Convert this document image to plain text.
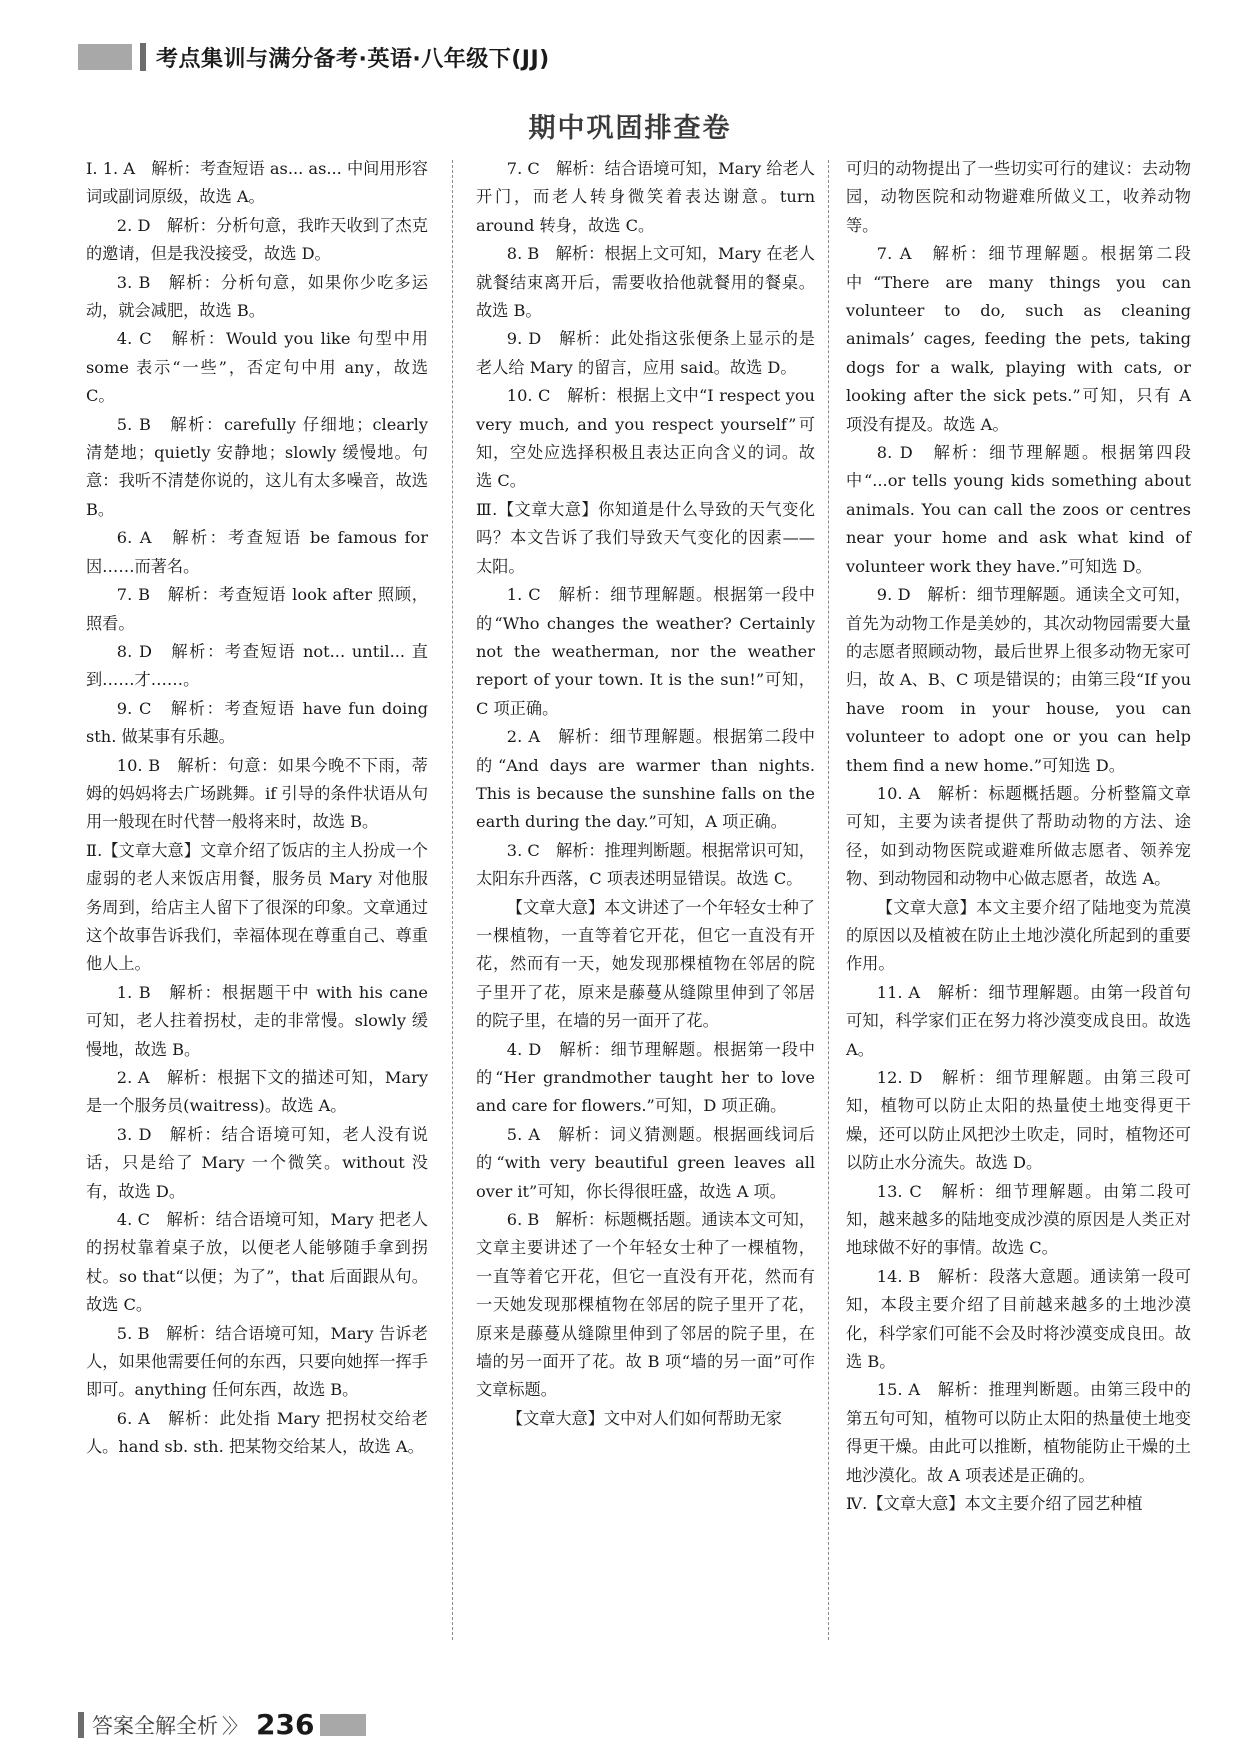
考点集训与满分备考·英语·八年级下(JJ)
期中巩固排查卷

Ⅰ. 1. A　解析：考查短语 as... as... 中间用形容词或副词原级，故选 A。

2. D　解析：分析句意，我昨天收到了杰克的邀请，但是我没接受，故选 D。

3. B　解析：分析句意，如果你少吃多运动，就会减肥，故选 B。

4. C　解析：Would you like 句型中用 some 表示“一些”，否定句中用 any，故选 C。

5. B　解析：carefully 仔细地；clearly 清楚地；quietly 安静地；slowly 缓慢地。句意：我听不清楚你说的，这儿有太多噪音，故选 B。

6. A　解析：考查短语 be famous for 因……而著名。

7. B　解析：考查短语 look after 照顾，照看。

8. D　解析：考查短语 not... until... 直到……才……。

9. C　解析：考查短语 have fun doing sth. 做某事有乐趣。

10. B　解析：句意：如果今晚不下雨，蒂姆的妈妈将去广场跳舞。if 引导的条件状语从句用一般现在时代替一般将来时，故选 B。

Ⅱ.【文章大意】文章介绍了饭店的主人扮成一个虚弱的老人来饭店用餐，服务员 Mary 对他服务周到，给店主人留下了很深的印象。文章通过这个故事告诉我们，幸福体现在尊重自己、尊重他人上。

1. B　解析：根据题干中 with his cane 可知，老人拄着拐杖，走的非常慢。slowly 缓慢地，故选 B。

2. A　解析：根据下文的描述可知，Mary 是一个服务员(waitress)。故选 A。

3. D　解析：结合语境可知，老人没有说话，只是给了 Mary 一个微笑。without 没有，故选 D。

4. C　解析：结合语境可知，Mary 把老人的拐杖靠着桌子放，以便老人能够随手拿到拐杖。so that“以便；为了”，that 后面跟从句。故选 C。

5. B　解析：结合语境可知，Mary 告诉老人，如果他需要任何的东西，只要向她挥一挥手即可。anything 任何东西，故选 B。

6. A　解析：此处指 Mary 把拐杖交给老人。hand sb. sth. 把某物交给某人，故选 A。

7. C　解析：结合语境可知，Mary 给老人开门，而老人转身微笑着表达谢意。turn around 转身，故选 C。

8. B　解析：根据上文可知，Mary 在老人就餐结束离开后，需要收拾他就餐用的餐桌。故选 B。

9. D　解析：此处指这张便条上显示的是老人给 Mary 的留言，应用 said。故选 D。

10. C　解析：根据上文中“I respect you very much, and you respect yourself”可知，空处应选择积极且表达正向含义的词。故选 C。

Ⅲ.【文章大意】你知道是什么导致的天气变化吗？本文告诉了我们导致天气变化的因素——太阳。

1. C　解析：细节理解题。根据第一段中的“Who changes the weather? Certainly not the weatherman, nor the weather report of your town. It is the sun!”可知，C 项正确。

2. A　解析：细节理解题。根据第二段中的“And days are warmer than nights. This is because the sunshine falls on the earth during the day.”可知，A 项正确。

3. C　解析：推理判断题。根据常识可知，太阳东升西落，C 项表述明显错误。故选 C。

【文章大意】本文讲述了一个年轻女士种了一棵植物，一直等着它开花，但它一直没有开花，然而有一天，她发现那棵植物在邻居的院子里开了花，原来是藤蔓从缝隙里伸到了邻居的院子里，在墙的另一面开了花。

4. D　解析：细节理解题。根据第一段中的“Her grandmother taught her to love and care for flowers.”可知，D 项正确。

5. A　解析：词义猜测题。根据画线词后的“with very beautiful green leaves all over it”可知，你长得很旺盛，故选 A 项。

6. B　解析：标题概括题。通读本文可知，文章主要讲述了一个年轻女士种了一棵植物，一直等着它开花，但它一直没有开花，然而有一天她发现那棵植物在邻居的院子里开了花，原来是藤蔓从缝隙里伸到了邻居的院子里，在墙的另一面开了花。故 B 项“墙的另一面”可作文章标题。

【文章大意】文中对人们如何帮助无家

可归的动物提出了一些切实可行的建议：去动物园，动物医院和动物避难所做义工，收养动物等。

7. A　解析：细节理解题。根据第二段中“There are many things you can volunteer to do, such as cleaning animals’ cages, feeding the pets, taking dogs for a walk, playing with cats, or looking after the sick pets.”可知，只有 A 项没有提及。故选 A。

8. D　解析：细节理解题。根据第四段中“...or tells young kids something about animals. You can call the zoos or centres near your home and ask what kind of volunteer work they have.”可知选 D。

9. D　解析：细节理解题。通读全文可知，首先为动物工作是美妙的，其次动物园需要大量的志愿者照顾动物，最后世界上很多动物无家可归，故 A、B、C 项是错误的；由第三段“If you have room in your house, you can volunteer to adopt one or you can help them find a new home.”可知选 D。

10. A　解析：标题概括题。分析整篇文章可知，主要为读者提供了帮助动物的方法、途径，如到动物医院或避难所做志愿者、领养宠物、到动物园和动物中心做志愿者，故选 A。

【文章大意】本文主要介绍了陆地变为荒漠的原因以及植被在防止土地沙漠化所起到的重要作用。

11. A　解析：细节理解题。由第一段首句可知，科学家们正在努力将沙漠变成良田。故选 A。

12. D　解析：细节理解题。由第三段可知，植物可以防止太阳的热量使土地变得更干燥，还可以防止风把沙土吹走，同时，植物还可以防止水分流失。故选 D。

13. C　解析：细节理解题。由第二段可知，越来越多的陆地变成沙漠的原因是人类正对地球做不好的事情。故选 C。

14. B　解析：段落大意题。通读第一段可知，本段主要介绍了目前越来越多的土地沙漠化，科学家们可能不会及时将沙漠变成良田。故选 B。

15. A　解析：推理判断题。由第三段中的第五句可知，植物可以防止太阳的热量使土地变得更干燥。由此可以推断，植物能防止干燥的土地沙漠化。故 A 项表述是正确的。

Ⅳ.【文章大意】本文主要介绍了园艺种植

答案全解全析 〉〉 236
